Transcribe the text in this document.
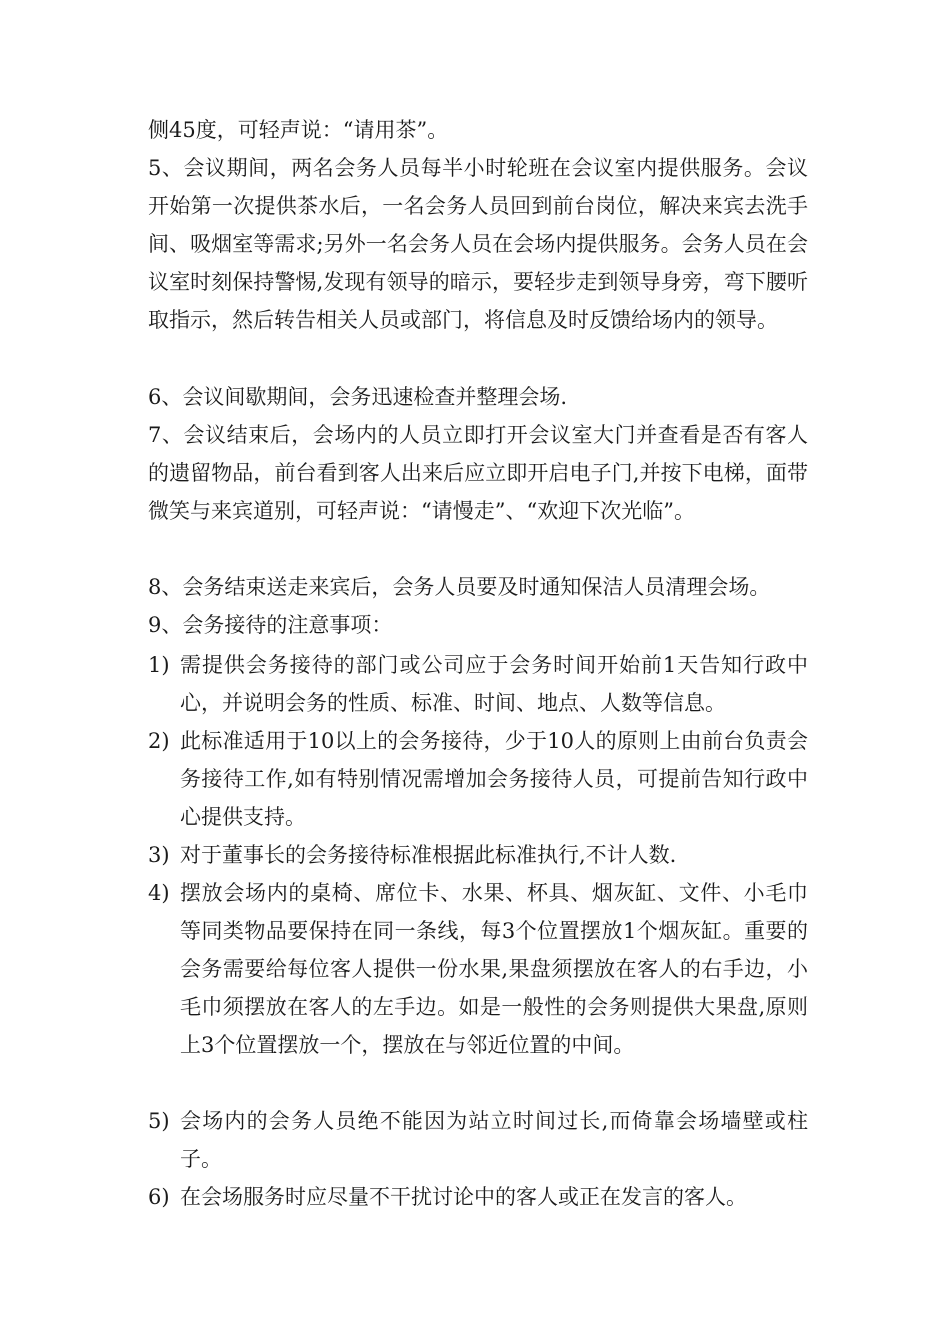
侧45度，可轻声说：“请用茶”。
5、会议期间，两名会务人员每半小时轮班在会议室内提供服务。会议开始第一次提供茶水后，一名会务人员回到前台岗位，解决来宾去洗手间、吸烟室等需求;另外一名会务人员在会场内提供服务。会务人员在会议室时刻保持警惕,发现有领导的暗示，要轻步走到领导身旁，弯下腰听取指示，然后转告相关人员或部门，将信息及时反馈给场内的领导。
6、会议间歇期间，会务迅速检查并整理会场.
7、会议结束后，会场内的人员立即打开会议室大门并查看是否有客人的遗留物品，前台看到客人出来后应立即开启电子门,并按下电梯，面带微笑与来宾道别，可轻声说：“请慢走”、“欢迎下次光临”。
8、会务结束送走来宾后，会务人员要及时通知保洁人员清理会场。
9、会务接待的注意事项：
1) 需提供会务接待的部门或公司应于会务时间开始前1天告知行政中心，并说明会务的性质、标准、时间、地点、人数等信息。
2) 此标准适用于10以上的会务接待，少于10人的原则上由前台负责会务接待工作,如有特别情况需增加会务接待人员，可提前告知行政中心提供支持。
3) 对于董事长的会务接待标准根据此标准执行,不计人数.
4) 摆放会场内的桌椅、席位卡、水果、杯具、烟灰缸、文件、小毛巾等同类物品要保持在同一条线，每3个位置摆放1个烟灰缸。重要的会务需要给每位客人提供一份水果,果盘须摆放在客人的右手边，小毛巾须摆放在客人的左手边。如是一般性的会务则提供大果盘,原则上3个位置摆放一个，摆放在与邻近位置的中间。
5) 会场内的会务人员绝不能因为站立时间过长,而倚靠会场墙壁或柱子。
6) 在会场服务时应尽量不干扰讨论中的客人或正在发言的客人。
